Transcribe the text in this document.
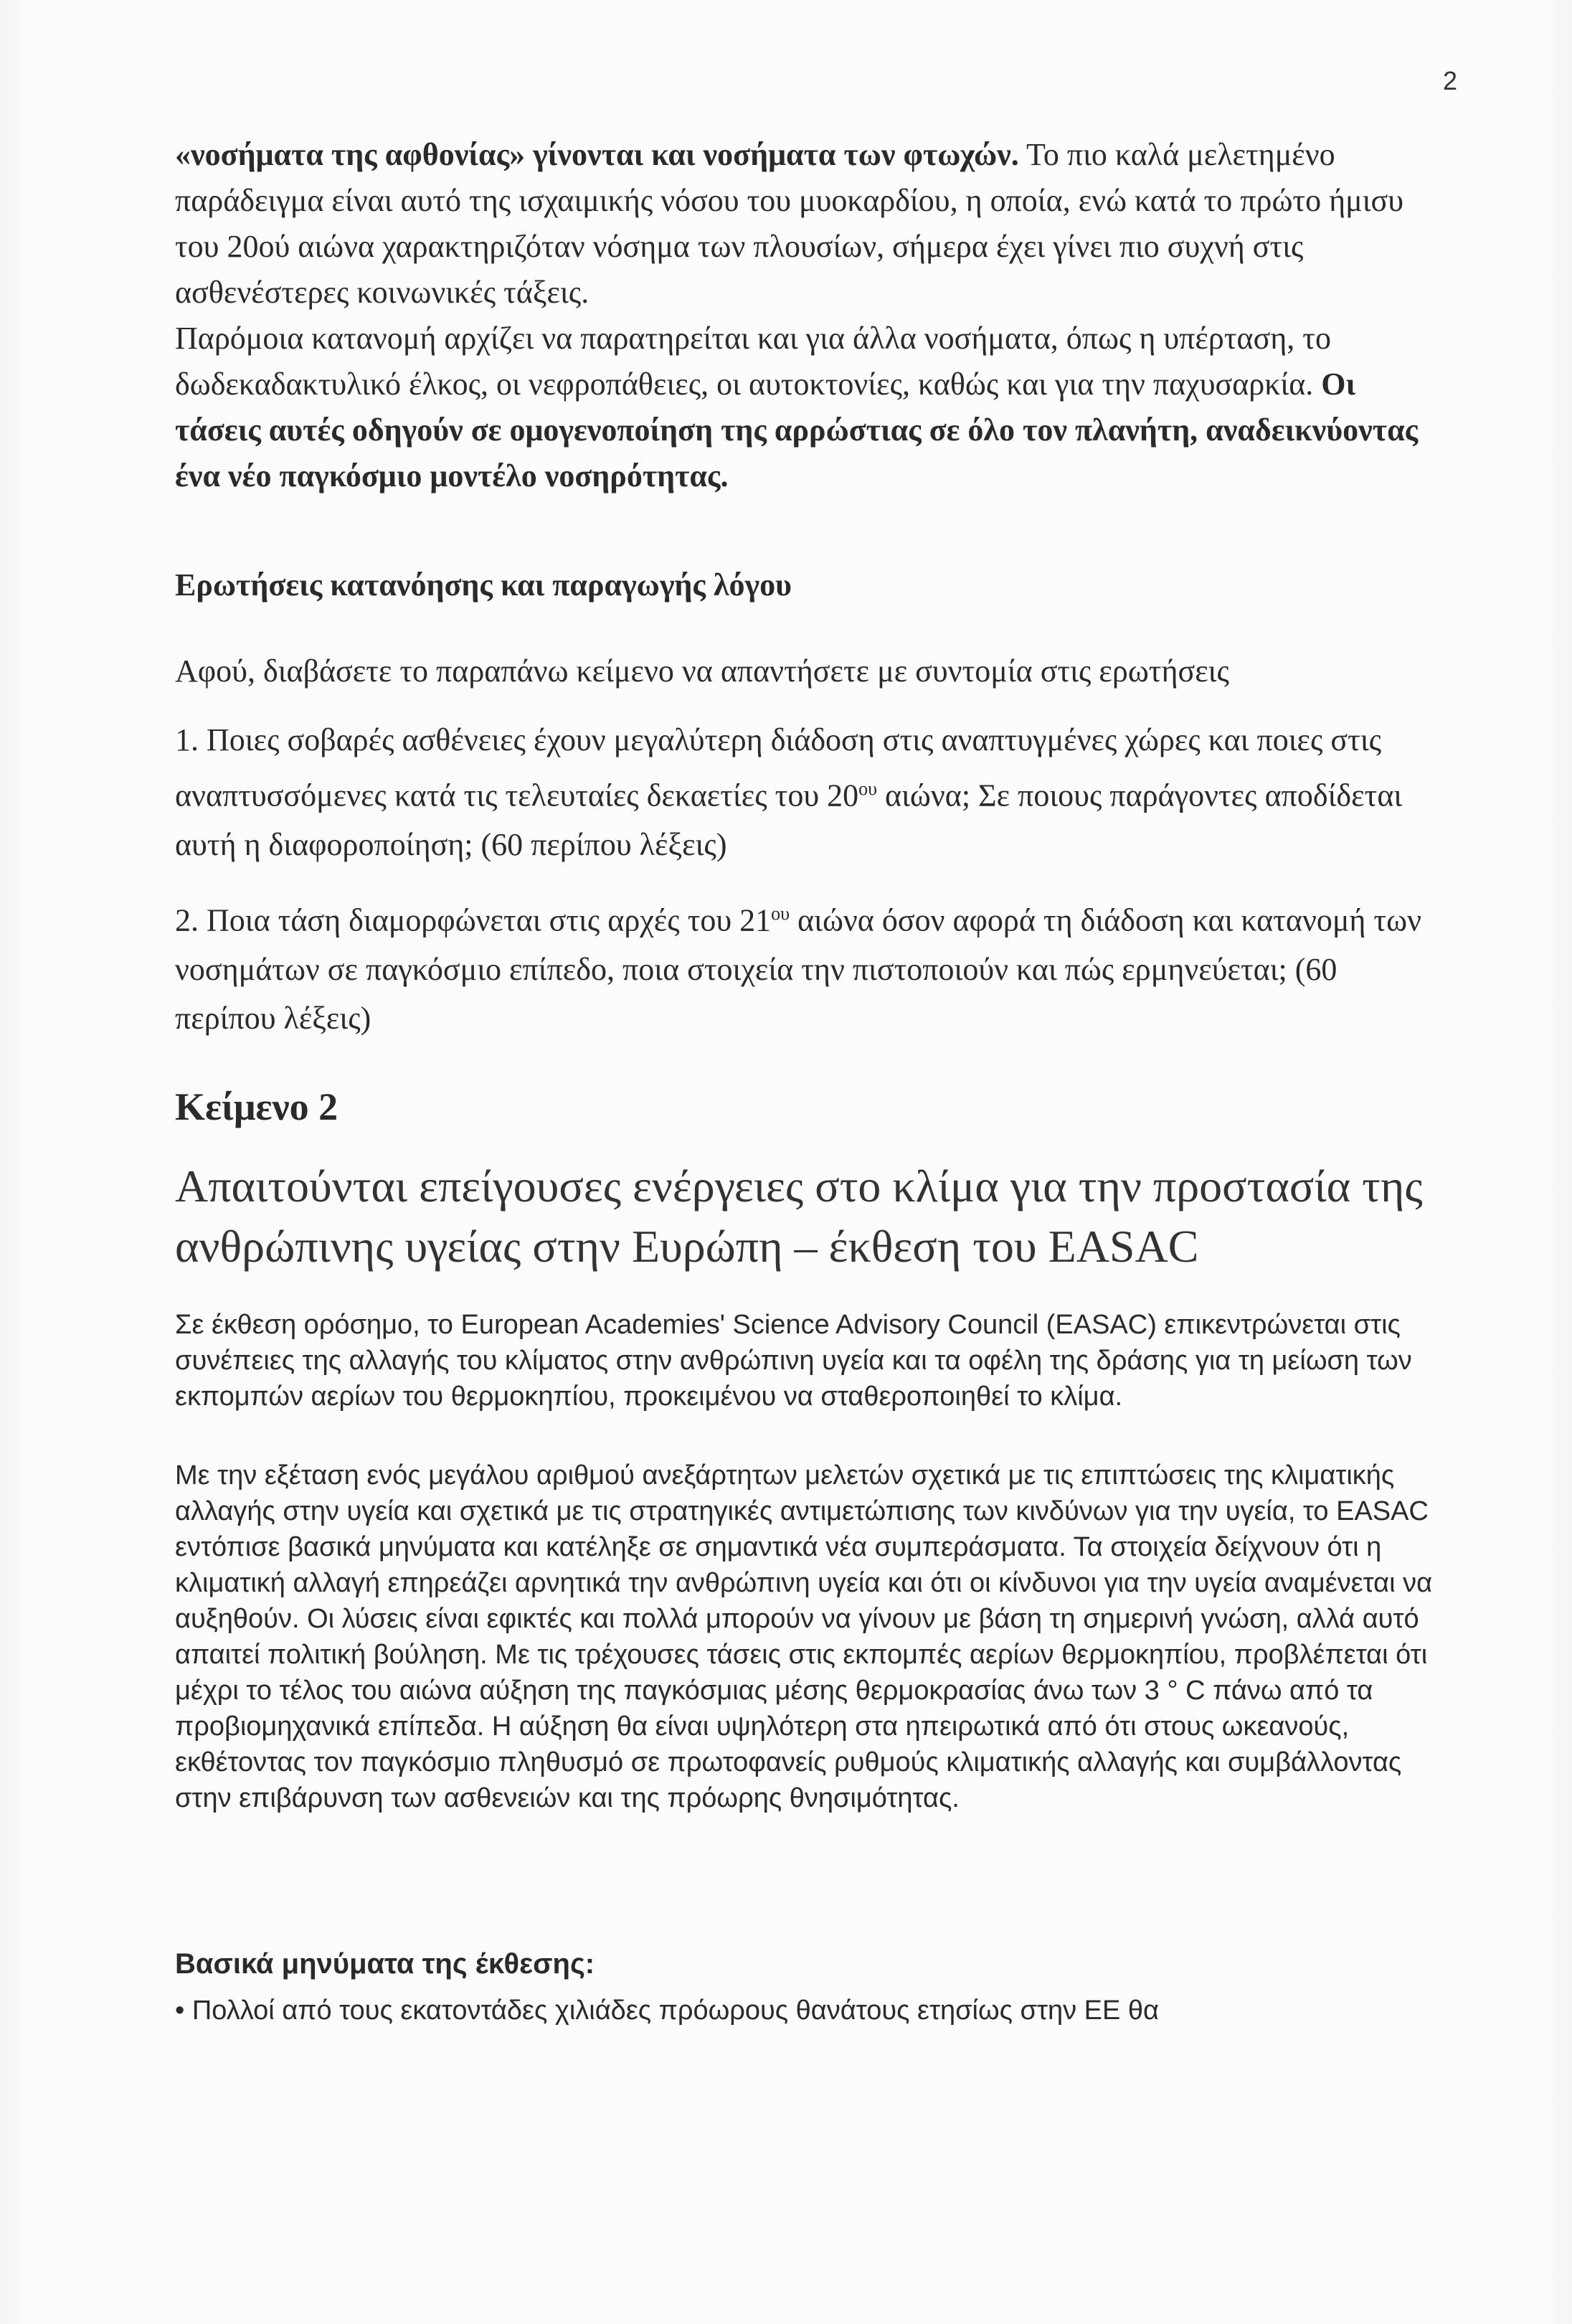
2

«νοσήματα της αφθονίας» γίνονται και νοσήματα των φτωχών. Το πιο καλά μελετημένο παράδειγμα είναι αυτό της ισχαιμικής νόσου του μυοκαρδίου, η οποία, ενώ κατά το πρώτο ήμισυ του 20ού αιώνα χαρακτηριζόταν νόσημα των πλουσίων, σήμερα έχει γίνει πιο συχνή στις ασθενέστερες κοινωνικές τάξεις.

Παρόμοια κατανομή αρχίζει να παρατηρείται και για άλλα νοσήματα, όπως η υπέρταση, το δωδεκαδακτυλικό έλκος, οι νεφροπάθειες, οι αυτοκτονίες, καθώς και για την παχυσαρκία. Οι τάσεις αυτές οδηγούν σε ομογενοποίηση της αρρώστιας σε όλο τον πλανήτη, αναδεικνύοντας ένα νέο παγκόσμιο μοντέλο νοσηρότητας.

Ερωτήσεις κατανόησης και παραγωγής λόγου

Αφού, διαβάσετε το παραπάνω κείμενο να απαντήσετε με συντομία στις ερωτήσεις

1. Ποιες σοβαρές ασθένειες έχουν μεγαλύτερη διάδοση στις αναπτυγμένες χώρες και ποιες στις αναπτυσσόμενες κατά τις τελευταίες δεκαετίες του $20^{o\upsilon}$ αιώνα; Σε ποιους παράγοντες αποδίδεται αυτή η διαφοροποίηση; (60 περίπου λέξεις)

2. Ποια τάση διαμορφώνεται στις αρχές του $21^{o\upsilon}$ αιώνα όσον αφορά τη διάδοση και κατανομή των νοσημάτων σε παγκόσμιο επίπεδο, ποια στοιχεία την πιστοποιούν και πώς ερμηνεύεται; (60 περίπου λέξεις)

Κείμενο 2

Απαιτούνται επείγουσες ενέργειες στο κλίμα για την προστασία της ανθρώπινης υγείας στην Ευρώπη – έκθεση του EASAC

Σε έκθεση ορόσημο, το European Academies' Science Advisory Council (EASAC) επικεντρώνεται στις συνέπειες της αλλαγής του κλίματος στην ανθρώπινη υγεία και τα οφέλη της δράσης για τη μείωση των εκπομπών αερίων του θερμοκηπίου, προκειμένου να σταθεροποιηθεί το κλίμα.

Με την εξέταση ενός μεγάλου αριθμού ανεξάρτητων μελετών σχετικά με τις επιπτώσεις της κλιματικής αλλαγής στην υγεία και σχετικά με τις στρατηγικές αντιμετώπισης των κινδύνων για την υγεία, το EASAC εντόπισε βασικά μηνύματα και κατέληξε σε σημαντικά νέα συμπεράσματα. Τα στοιχεία δείχνουν ότι η κλιματική αλλαγή επηρεάζει αρνητικά την ανθρώπινη υγεία και ότι οι κίνδυνοι για την υγεία αναμένεται να αυξηθούν. Οι λύσεις είναι εφικτές και πολλά μπορούν να γίνουν με βάση τη σημερινή γνώση, αλλά αυτό απαιτεί πολιτική βούληση. Με τις τρέχουσες τάσεις στις εκπομπές αερίων θερμοκηπίου, προβλέπεται ότι μέχρι το τέλος του αιώνα αύξηση της παγκόσμιας μέσης θερμοκρασίας άνω των 3 ° C πάνω από τα προβιομηχανικά επίπεδα. Η αύξηση θα είναι υψηλότερη στα ηπειρωτικά από ότι στους ωκεανούς, εκθέτοντας τον παγκόσμιο πληθυσμό σε πρωτοφανείς ρυθμούς κλιματικής αλλαγής και συμβάλλοντας στην επιβάρυνση των ασθενειών και της πρόωρης θνησιμότητας.

Βασικά μηνύματα της έκθεσης:

• Πολλοί από τους εκατοντάδες χιλιάδες πρόωρους θανάτους ετησίως στην ΕΕ θα
